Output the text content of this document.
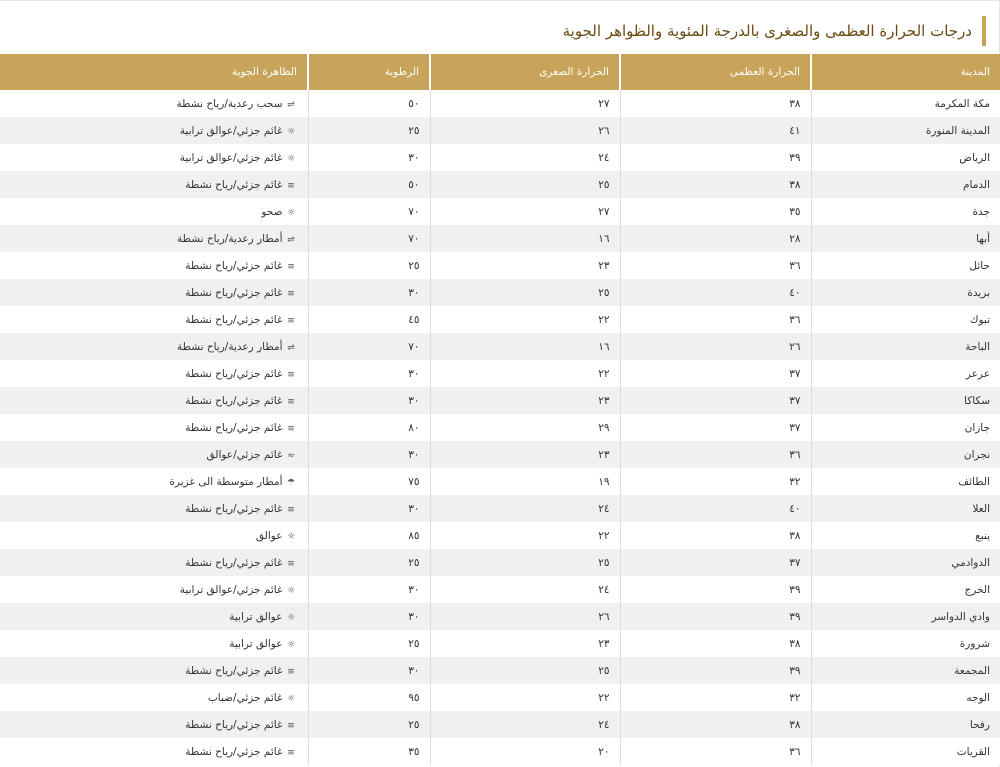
درجات الحرارة العظمى والصغرى بالدرجة المئوية والظواهر الجوية
المدينة	الحرارة العظمى	الحرارة الصغرى	الرطوبة	الظاهرة الجوية
مكة المكرمة	٣٨	٢٧	٥٠	⇌سحب رعدية/رياح نشطة
المدينة المنورة	٤١	٢٦	٢٥	☼غائم جزئي/عوالق ترابية
الرياض	٣٩	٢٤	٣٠	☼غائم جزئي/عوالق ترابية
الدمام	٣٨	٢٥	٥٠	≡غائم جزئي/رياح نشطة
جدة	٣٥	٢٧	٧٠	☼صحو
أبها	٢٨	١٦	٧٠	⇌أمطار رعدية/رياح نشطة
حائل	٣٦	٢٣	٢٥	≡غائم جزئي/رياح نشطة
بريدة	٤٠	٢٥	٣٠	≡غائم جزئي/رياح نشطة
تبوك	٣٦	٢٢	٤٥	≡غائم جزئي/رياح نشطة
الباحة	٢٦	١٦	٧٠	⇌أمطار رعدية/رياح نشطة
عرعر	٣٧	٢٢	٣٠	≡غائم جزئي/رياح نشطة
سكاكا	٣٧	٢٣	٣٠	≡غائم جزئي/رياح نشطة
جازان	٣٧	٢٩	٨٠	≡غائم جزئي/رياح نشطة
نجران	٣٦	٢٣	٣٠	≈غائم جزئي/عوالق
الطائف	٣٢	١٩	٧٥	☂أمطار متوسطة الى غزيرة
العلا	٤٠	٢٤	٣٠	≡غائم جزئي/رياح نشطة
ينبع	٣٨	٢٢	٨٥	☼عوالق
الدوادمي	٣٧	٢٥	٢٥	≡غائم جزئي/رياح نشطة
الخرج	٣٩	٢٤	٣٠	☼غائم جزئي/عوالق ترابية
وادي الدواسر	٣٩	٢٦	٣٠	☼عوالق ترابية
شرورة	٣٨	٢٣	٢٥	☼عوالق ترابية
المجمعة	٣٩	٢٥	٣٠	≡غائم جزئي/رياح نشطة
الوجه	٣٢	٢٢	٩٥	☼غائم جزئي/ضباب
رفحا	٣٨	٢٤	٢٥	≡غائم جزئي/رياح نشطة
القريات	٣٦	٢٠	٣٥	≡غائم جزئي/رياح نشطة
